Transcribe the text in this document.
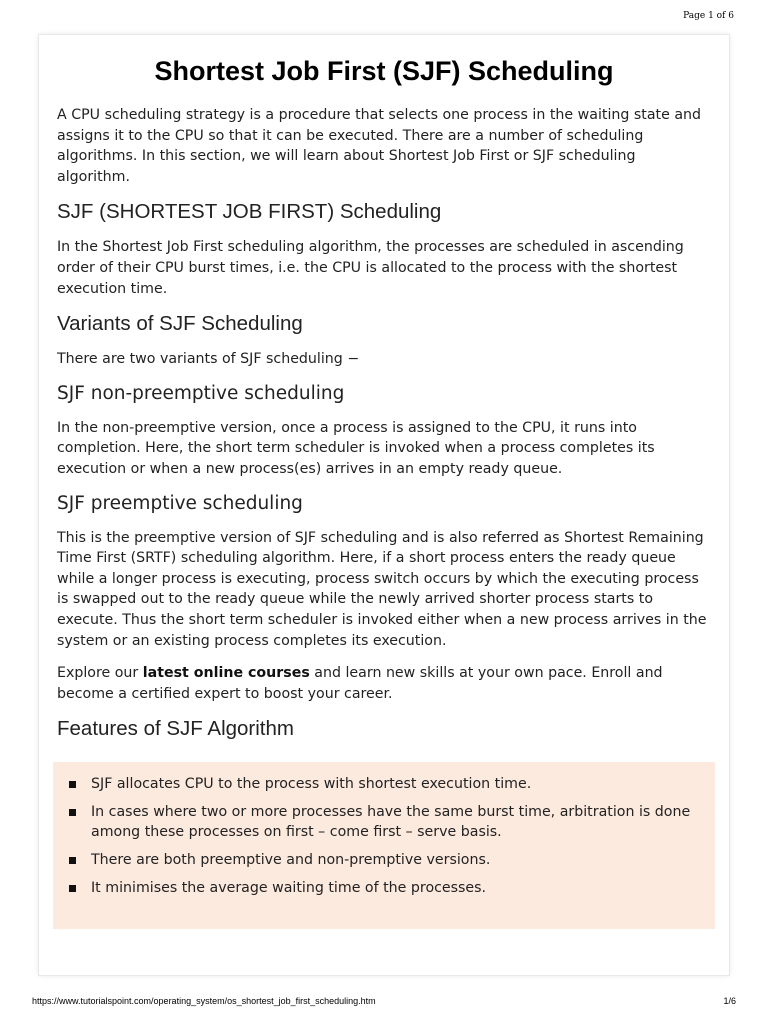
Page 1 of 6
Shortest Job First (SJF) Scheduling

A CPU scheduling strategy is a procedure that selects one process in the waiting state and assigns it to the CPU so that it can be executed. There are a number of scheduling algorithms. In this section, we will learn about Shortest Job First or SJF scheduling algorithm.

SJF (SHORTEST JOB FIRST) Scheduling

In the Shortest Job First scheduling algorithm, the processes are scheduled in ascending order of their CPU burst times, i.e. the CPU is allocated to the process with the shortest execution time.

Variants of SJF Scheduling

There are two variants of SJF scheduling −

SJF non-preemptive scheduling

In the non-preemptive version, once a process is assigned to the CPU, it runs into completion. Here, the short term scheduler is invoked when a process completes its execution or when a new process(es) arrives in an empty ready queue.

SJF preemptive scheduling

This is the preemptive version of SJF scheduling and is also referred as Shortest Remaining Time First (SRTF) scheduling algorithm. Here, if a short process enters the ready queue while a longer process is executing, process switch occurs by which the executing process is swapped out to the ready queue while the newly arrived shorter process starts to execute. Thus the short term scheduler is invoked either when a new process arrives in the system or an existing process completes its execution.

Explore our latest online courses and learn new skills at your own pace. Enroll and become a certified expert to boost your career.

Features of SJF Algorithm
SJF allocates CPU to the process with shortest execution time.
In cases where two or more processes have the same burst time, arbitration is done among these processes on first – come first – serve basis.
There are both preemptive and non-premptive versions.
It minimises the average waiting time of the processes.
https://www.tutorialspoint.com/operating_system/os_shortest_job_first_scheduling.htm	1/6
